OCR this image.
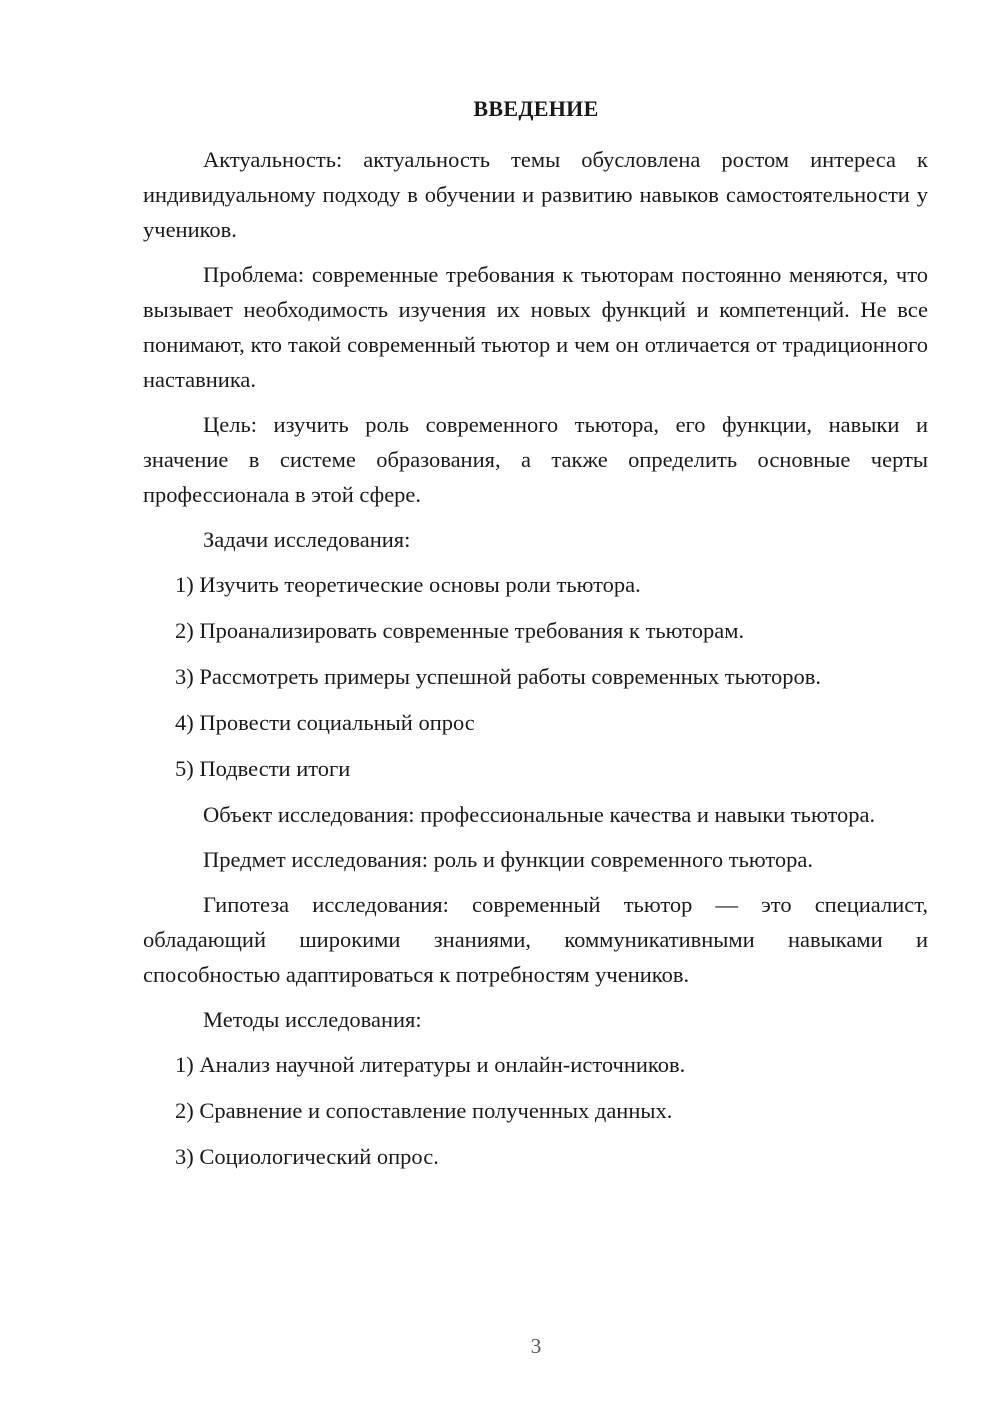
ВВЕДЕНИЕ

Актуальность: актуальность темы обусловлена ростом интереса к индивидуальному подходу в обучении и развитию навыков самостоятельности у учеников.

Проблема: современные требования к тьюторам постоянно меняются, что вызывает необходимость изучения их новых функций и компетенций. Не все понимают, кто такой современный тьютор и чем он отличается от традиционного наставника.

Цель: изучить роль современного тьютора, его функции, навыки и значение в системе образования, а также определить основные черты профессионала в этой сфере.

Задачи исследования:

1) Изучить теоретические основы роли тьютора.
2) Проанализировать современные требования к тьюторам.
3) Рассмотреть примеры успешной работы современных тьюторов.
4) Провести социальный опрос
5) Подвести итоги

Объект исследования: профессиональные качества и навыки тьютора.

Предмет исследования: роль и функции современного тьютора.

Гипотеза исследования: современный тьютор — это специалист, обладающий широкими знаниями, коммуникативными навыками и способностью адаптироваться к потребностям учеников.

Методы исследования:

1) Анализ научной литературы и онлайн-источников.
2) Сравнение и сопоставление полученных данных.
3) Социологический опрос.
3
